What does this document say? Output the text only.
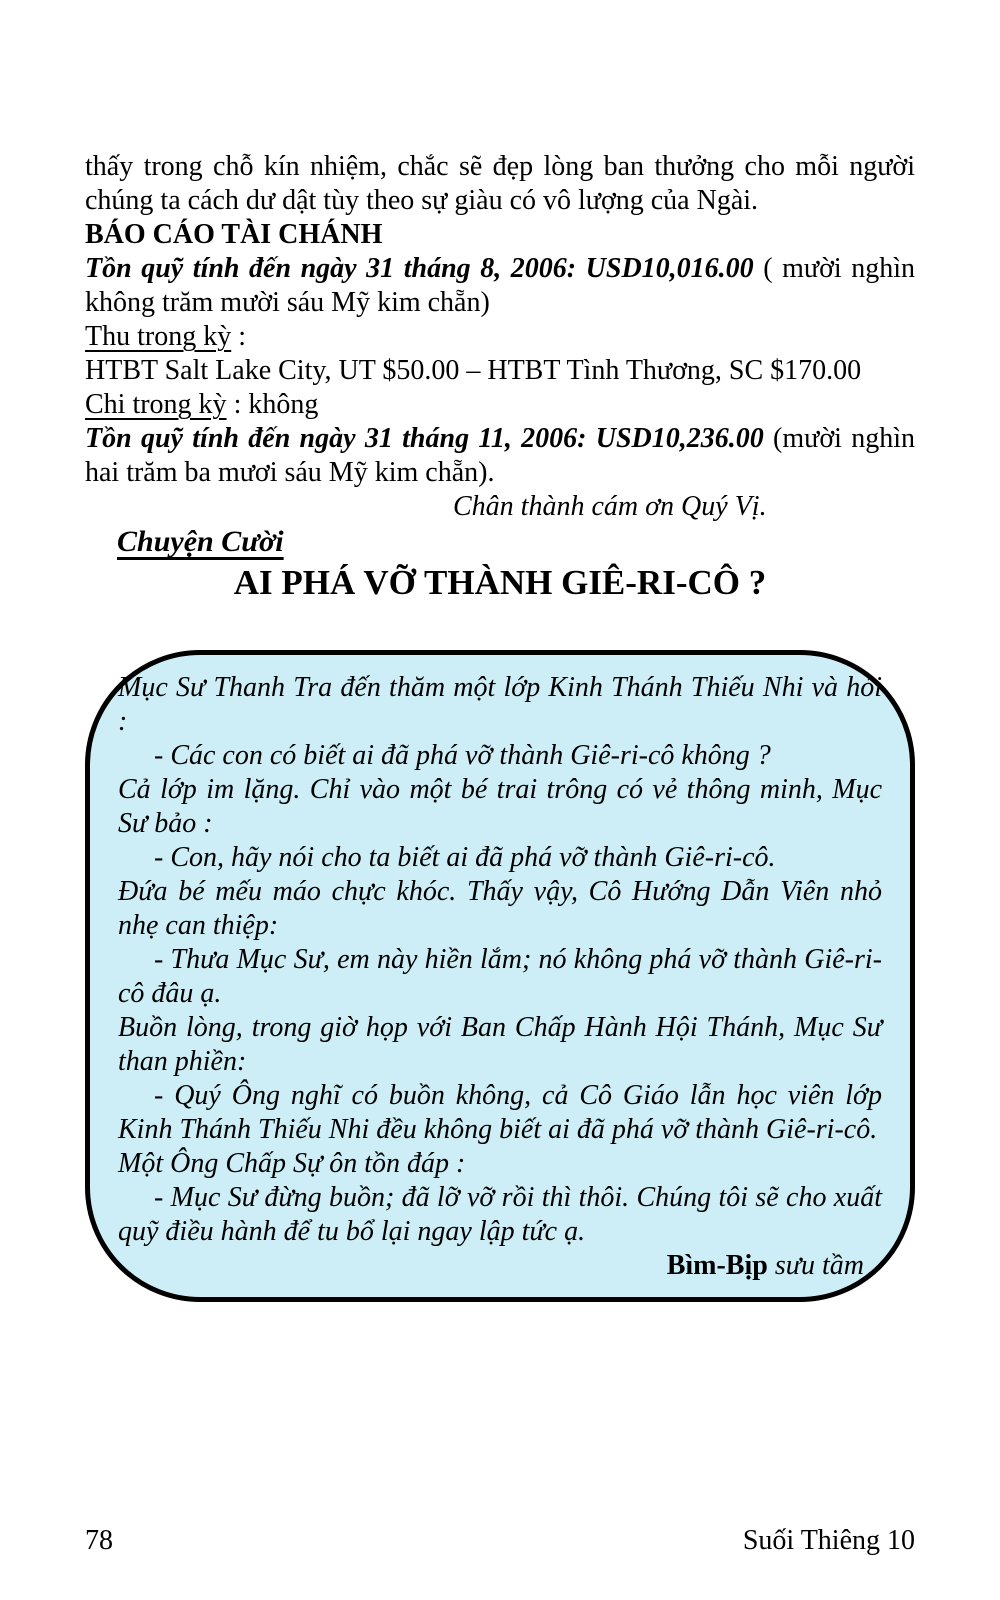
thấy trong chỗ kín nhiệm, chắc sẽ đẹp lòng ban thưởng cho mỗi người chúng ta cách dư dật tùy theo sự giàu có vô lượng của Ngài.

BÁO CÁO TÀI CHÁNH

Tồn quỹ tính đến ngày 31 tháng 8, 2006: USD10,016.00 ( mười nghìn không trăm mười sáu Mỹ kim chẵn)

Thu trong kỳ :

HTBT Salt Lake City, UT $50.00 – HTBT Tình Thương, SC $170.00

Chi trong kỳ : không

Tồn quỹ tính đến ngày 31 tháng 11, 2006: USD10,236.00 (mười nghìn hai trăm ba mươi sáu Mỹ kim chẵn).

Chân thành cám ơn Quý Vị.

Chuyện Cười

AI PHÁ VỠ THÀNH GIÊ-RI-CÔ ?

Mục Sư Thanh Tra đến thăm một lớp Kinh Thánh Thiếu Nhi và hỏi :

- Các con có biết ai đã phá vỡ thành Giê-ri-cô không ?

Cả lớp im lặng. Chỉ vào một bé trai trông có vẻ thông minh, Mục Sư bảo :

- Con, hãy nói cho ta biết ai đã phá vỡ thành Giê-ri-cô.

Đứa bé mếu máo chực khóc. Thấy vậy, Cô Hướng Dẫn Viên nhỏ nhẹ can thiệp:

- Thưa Mục Sư, em này hiền lắm; nó không phá vỡ thành Giê-ri-cô đâu ạ.

Buồn lòng, trong giờ họp với Ban Chấp Hành Hội Thánh, Mục Sư than phiền:

- Quý Ông nghĩ có buồn không, cả Cô Giáo lẫn học viên lớp Kinh Thánh Thiếu Nhi đều không biết ai đã phá vỡ thành Giê-ri-cô.

Một Ông Chấp Sự ôn tồn đáp :

- Mục Sư đừng buồn; đã lỡ vỡ rồi thì thôi. Chúng tôi sẽ cho xuất quỹ điều hành để tu bổ lại ngay lập tức ạ.

Bìm-Bịp sưu tầm

78	Suối Thiêng 10
